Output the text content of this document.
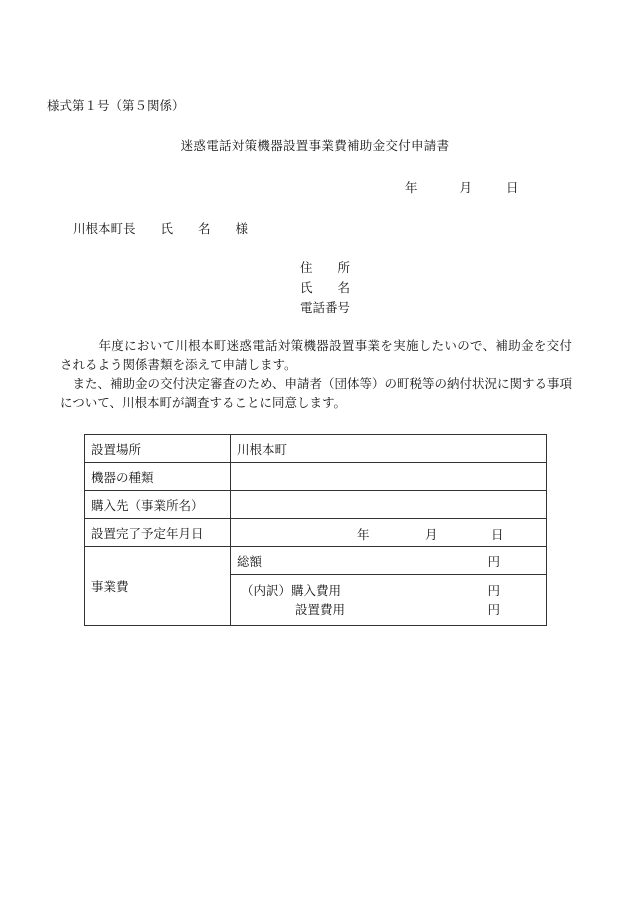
様式第１号（第５関係）
迷惑電話対策機器設置事業費補助金交付申請書
年	月	日
川根本町長　　氏　　名　　様
住　　所
氏　　名
電話番号

　　　年度において川根本町迷惑電話対策機器設置事業を実施したいので、補助金を交付されるよう関係書類を添えて申請します。

　また、補助金の交付決定審査のため、申請者（団体等）の町税等の納付状況に関する事項について、川根本町が調査することに同意します。

設置場所	川根本町
機器の種類	
購入先（事業所名）	
設置完了予定年月日	年 月 日

事業費	総額 円

	（内訳）購入費用 円
設置費用 円
